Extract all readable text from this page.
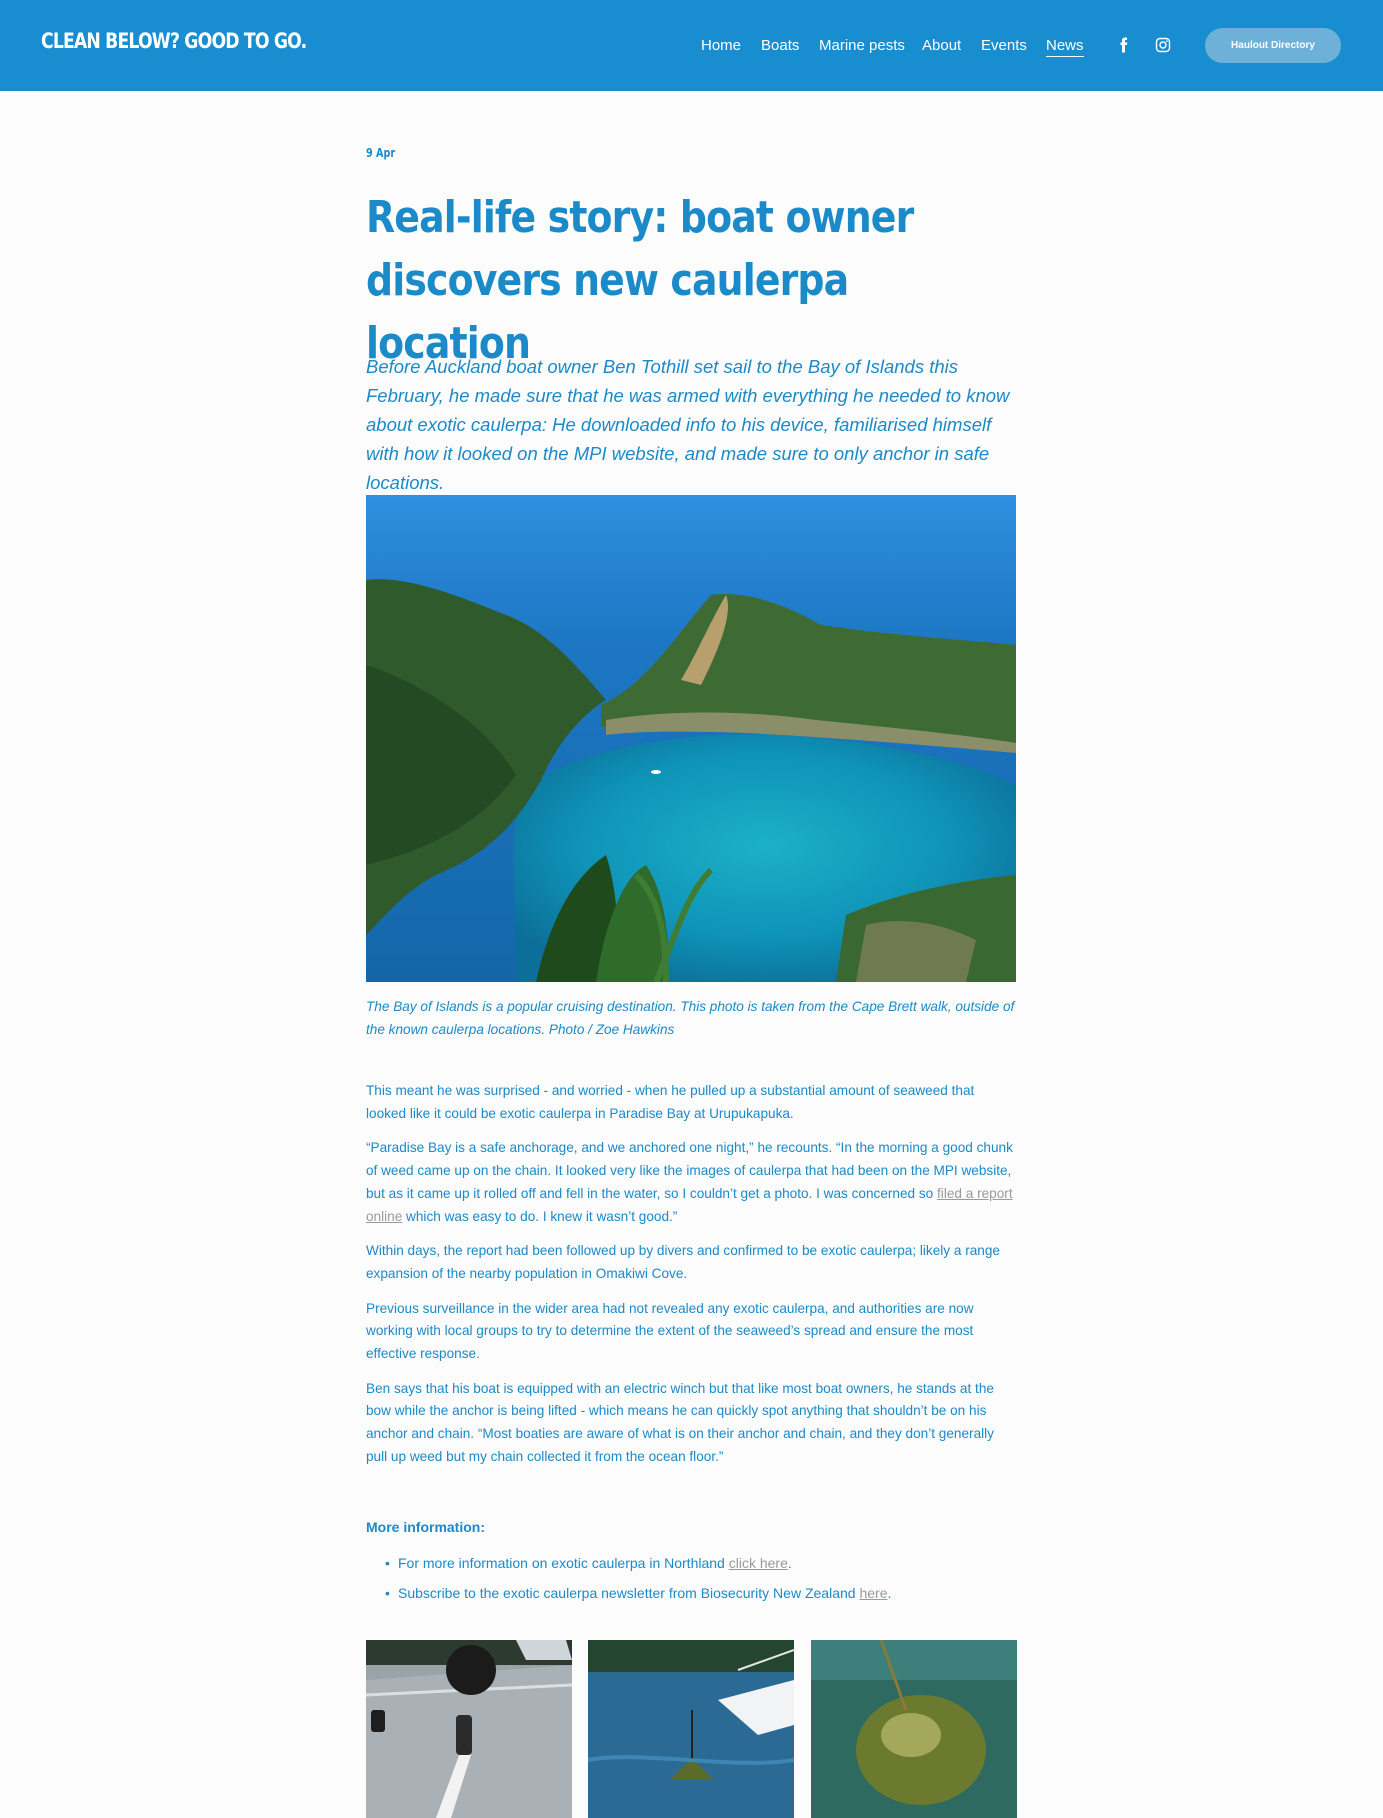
CLEAN BELOW? GOOD TO GO.	Home Boats Marine pests About Events News	Haulout Directory
9 Apr
Real-life story: boat owner discovers new caulerpa location

Before Auckland boat owner Ben Tothill set sail to the Bay of Islands this February, he made sure that he was armed with everything he needed to know about exotic caulerpa: He downloaded info to his device, familiarised himself with how it looked on the MPI website, and made sure to only anchor in safe locations.

The Bay of Islands is a popular cruising destination. This photo is taken from the Cape Brett walk, outside of the known caulerpa locations. Photo / Zoe Hawkins

This meant he was surprised - and worried - when he pulled up a substantial amount of seaweed that looked like it could be exotic caulerpa in Paradise Bay at Urupukapuka.

“Paradise Bay is a safe anchorage, and we anchored one night,” he recounts. “In the morning a good chunk of weed came up on the chain. It looked very like the images of caulerpa that had been on the MPI website, but as it came up it rolled off and fell in the water, so I couldn’t get a photo. I was concerned so filed a report online which was easy to do. I knew it wasn’t good.”

Within days, the report had been followed up by divers and confirmed to be exotic caulerpa; likely a range expansion of the nearby population in Omakiwi Cove.

Previous surveillance in the wider area had not revealed any exotic caulerpa, and authorities are now working with local groups to try to determine the extent of the seaweed’s spread and ensure the most effective response.

Ben says that his boat is equipped with an electric winch but that like most boat owners, he stands at the bow while the anchor is being lifted - which means he can quickly spot anything that shouldn’t be on his anchor and chain. “Most boaties are aware of what is on their anchor and chain, and they don’t generally pull up weed but my chain collected it from the ocean floor.”

More information:

• For more information on exotic caulerpa in Northland click here.
• Subscribe to the exotic caulerpa newsletter from Biosecurity New Zealand here.
